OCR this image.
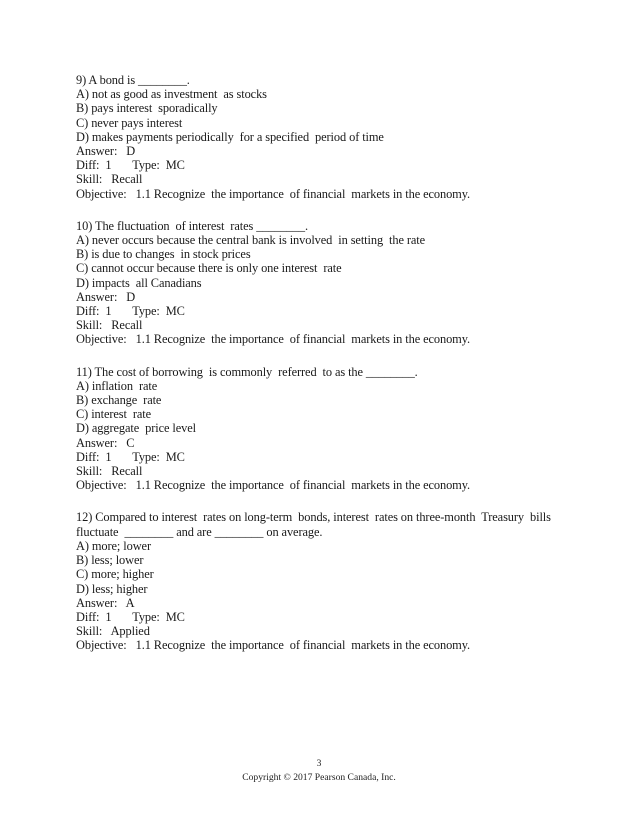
9) A bond is ________.
A) not as good as investment  as stocks
B) pays interest  sporadically
C) never pays interest
D) makes payments periodically  for a specified  period of time
Answer:   D
Diff:  1       Type:  MC
Skill:   Recall
Objective:   1.1 Recognize  the importance  of financial  markets in the economy.
10) The fluctuation  of interest  rates ________.
A) never occurs because the central bank is involved  in setting  the rate
B) is due to changes  in stock prices
C) cannot occur because there is only one interest  rate
D) impacts  all Canadians
Answer:   D
Diff:  1       Type:  MC
Skill:   Recall
Objective:   1.1 Recognize  the importance  of financial  markets in the economy.
11) The cost of borrowing  is commonly  referred  to as the ________.
A) inflation  rate
B) exchange  rate
C) interest  rate
D) aggregate  price level
Answer:   C
Diff:  1       Type:  MC
Skill:   Recall
Objective:   1.1 Recognize  the importance  of financial  markets in the economy.
12) Compared to interest  rates on long-term  bonds, interest  rates on three-month  Treasury  bills
fluctuate  ________ and are ________ on average.
A) more; lower
B) less; lower
C) more; higher
D) less; higher
Answer:   A
Diff:  1       Type:  MC
Skill:   Applied
Objective:   1.1 Recognize  the importance  of financial  markets in the economy.
3
Copyright © 2017 Pearson Canada, Inc.
